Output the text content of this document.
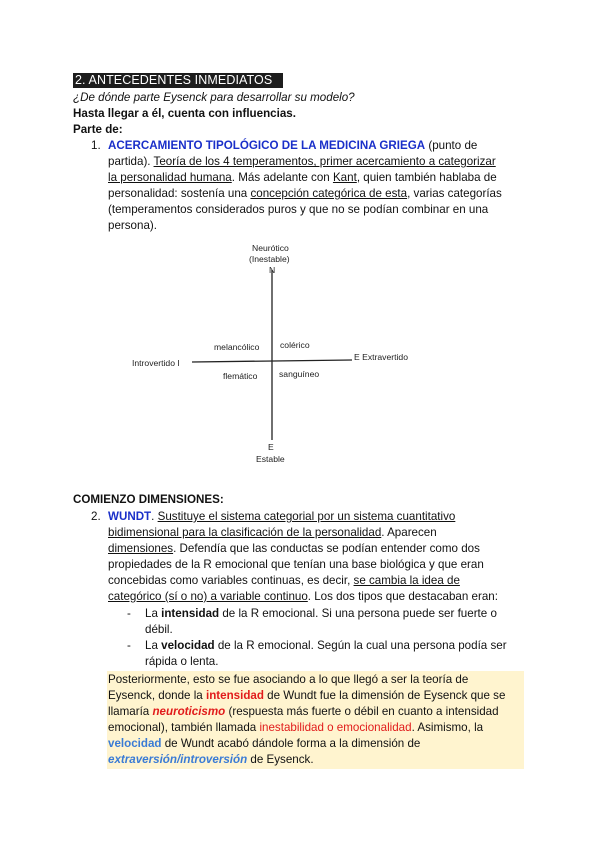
2. ANTECEDENTES INMEDIATOS
¿De dónde parte Eysenck para desarrollar su modelo?
Hasta llegar a él, cuenta con influencias.
Parte de:
1. ACERCAMIENTO TIPOLÓGICO DE LA MEDICINA GRIEGA (punto de
partida). Teoría de los 4 temperamentos, primer acercamiento a categorizar
la personalidad humana. Más adelante con Kant, quien también hablaba de
personalidad: sostenía una concepción categórica de esta, varias categorías
(temperamentos considerados puros y que no se podían combinar en una
persona).
Neurótico
(Inestable)
N
Introvertido I
E Extravertido
melancólico colérico
flemático	sanguíneo
E
Estable
COMIENZO DIMENSIONES:
2. WUNDT. Sustituye el sistema categorial por un sistema cuantitativo
bidimensional para la clasificación de la personalidad. Aparecen
dimensiones. Defendía que las conductas se podían entender como dos
propiedades de la R emocional que tenían una base biológica y que eran
concebidas como variables continuas, es decir, se cambia la idea de
categórico (sí o no) a variable continuo. Los dos tipos que destacaban eran:
- La intensidad de la R emocional. Si una persona puede ser fuerte o
débil.
- La velocidad de la R emocional. Según la cual una persona podía ser
rápida o lenta.
Posteriormente, esto se fue asociando a lo que llegó a ser la teoría de
Eysenck, donde la intensidad de Wundt fue la dimensión de Eysenck que se
llamaría neuroticismo (respuesta más fuerte o débil en cuanto a intensidad
emocional), también llamada inestabilidad o emocionalidad. Asimismo, la
velocidad de Wundt acabó dándole forma a la dimensión de
extraversión/introversión de Eysenck.
